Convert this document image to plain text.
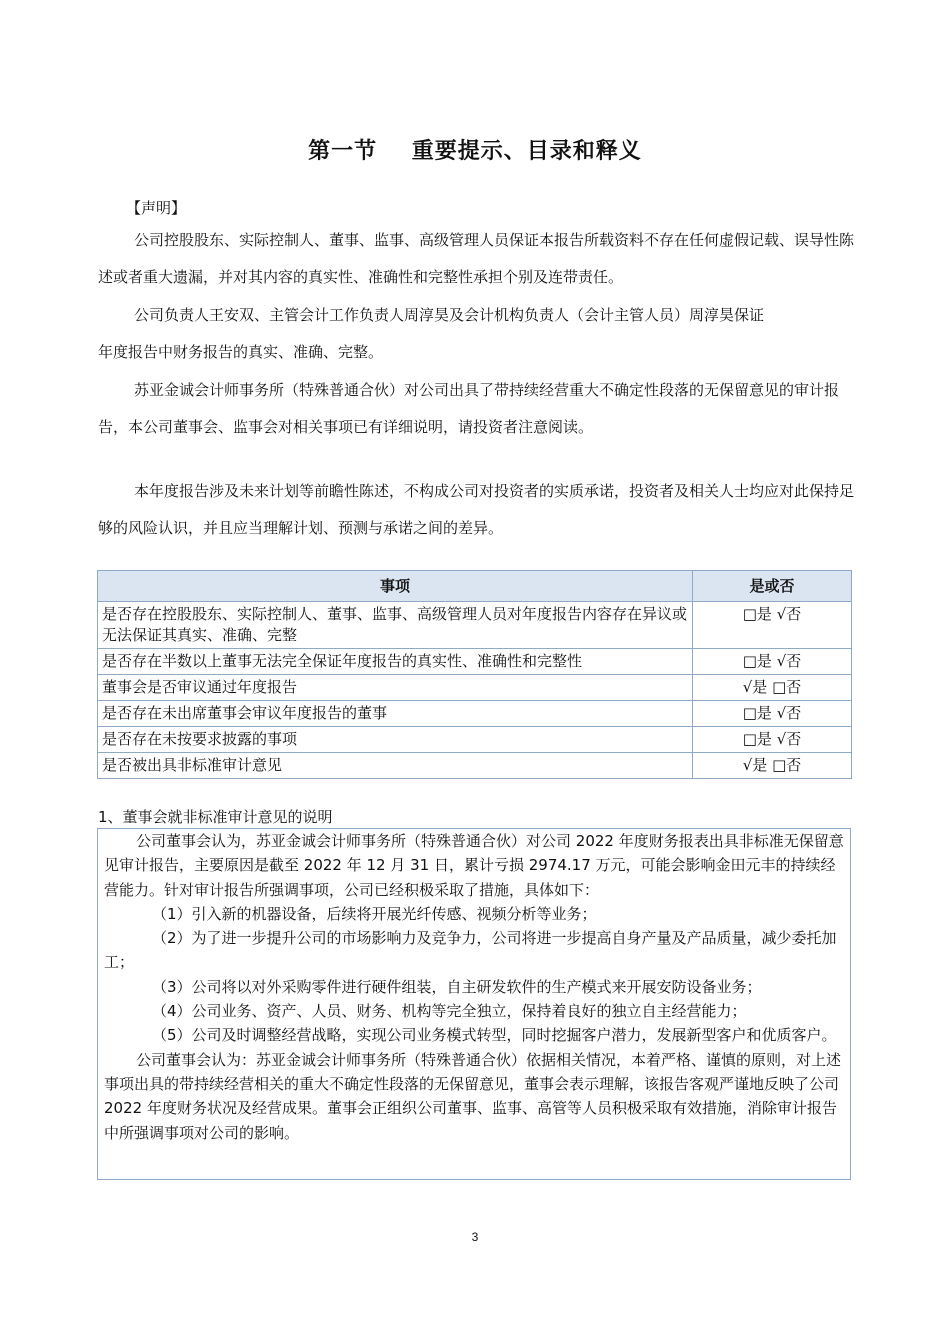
第一节    重要提示、目录和释义

【声明】

公司控股股东、实际控制人、董事、监事、高级管理人员保证本报告所载资料不存在任何虚假记载、误导性陈述或者重大遗漏，并对其内容的真实性、准确性和完整性承担个别及连带责任。

公司负责人王安双、主管会计工作负责人周淳昊及会计机构负责人（会计主管人员）周淳昊保证
年度报告中财务报告的真实、准确、完整。

苏亚金诚会计师事务所（特殊普通合伙）对公司出具了带持续经营重大不确定性段落的无保留意见的审计报告，本公司董事会、监事会对相关事项已有详细说明，请投资者注意阅读。

本年度报告涉及未来计划等前瞻性陈述，不构成公司对投资者的实质承诺，投资者及相关人士均应对此保持足够的风险认识，并且应当理解计划、预测与承诺之间的差异。

事项	是或否
是否存在控股股东、实际控制人、董事、监事、高级管理人员对年度报告内容存在异议或无法保证其真实、准确、完整	□是 √否
是否存在半数以上董事无法完全保证年度报告的真实性、准确性和完整性	□是 √否
董事会是否审议通过年度报告	√是 □否
是否存在未出席董事会审议年度报告的董事	□是 √否
是否存在未按要求披露的事项	□是 √否
是否被出具非标准审计意见	√是 □否
1、董事会就非标准审计意见的说明

公司董事会认为，苏亚金诚会计师事务所（特殊普通合伙）对公司 2022 年度财务报表出具非标准无保留意见审计报告，主要原因是截至 2022 年 12 月 31 日，累计亏损 2974.17 万元，可能会影响金田元丰的持续经营能力。针对审计报告所强调事项，公司已经积极采取了措施，具体如下：

（1）引入新的机器设备，后续将开展光纤传感、视频分析等业务；

（2）为了进一步提升公司的市场影响力及竞争力，公司将进一步提高自身产量及产品质量，减少委托加工；

（3）公司将以对外采购零件进行硬件组装，自主研发软件的生产模式来开展安防设备业务；

（4）公司业务、资产、人员、财务、机构等完全独立，保持着良好的独立自主经营能力；

（5）公司及时调整经营战略，实现公司业务模式转型，同时挖掘客户潜力，发展新型客户和优质客户。

公司董事会认为：苏亚金诚会计师事务所（特殊普通合伙）依据相关情况，本着严格、谨慎的原则，对上述事项出具的带持续经营相关的重大不确定性段落的无保留意见，董事会表示理解，该报告客观严谨地反映了公司 2022 年度财务状况及经营成果。董事会正组织公司董事、监事、高管等人员积极采取有效措施，消除审计报告中所强调事项对公司的影响。

3
